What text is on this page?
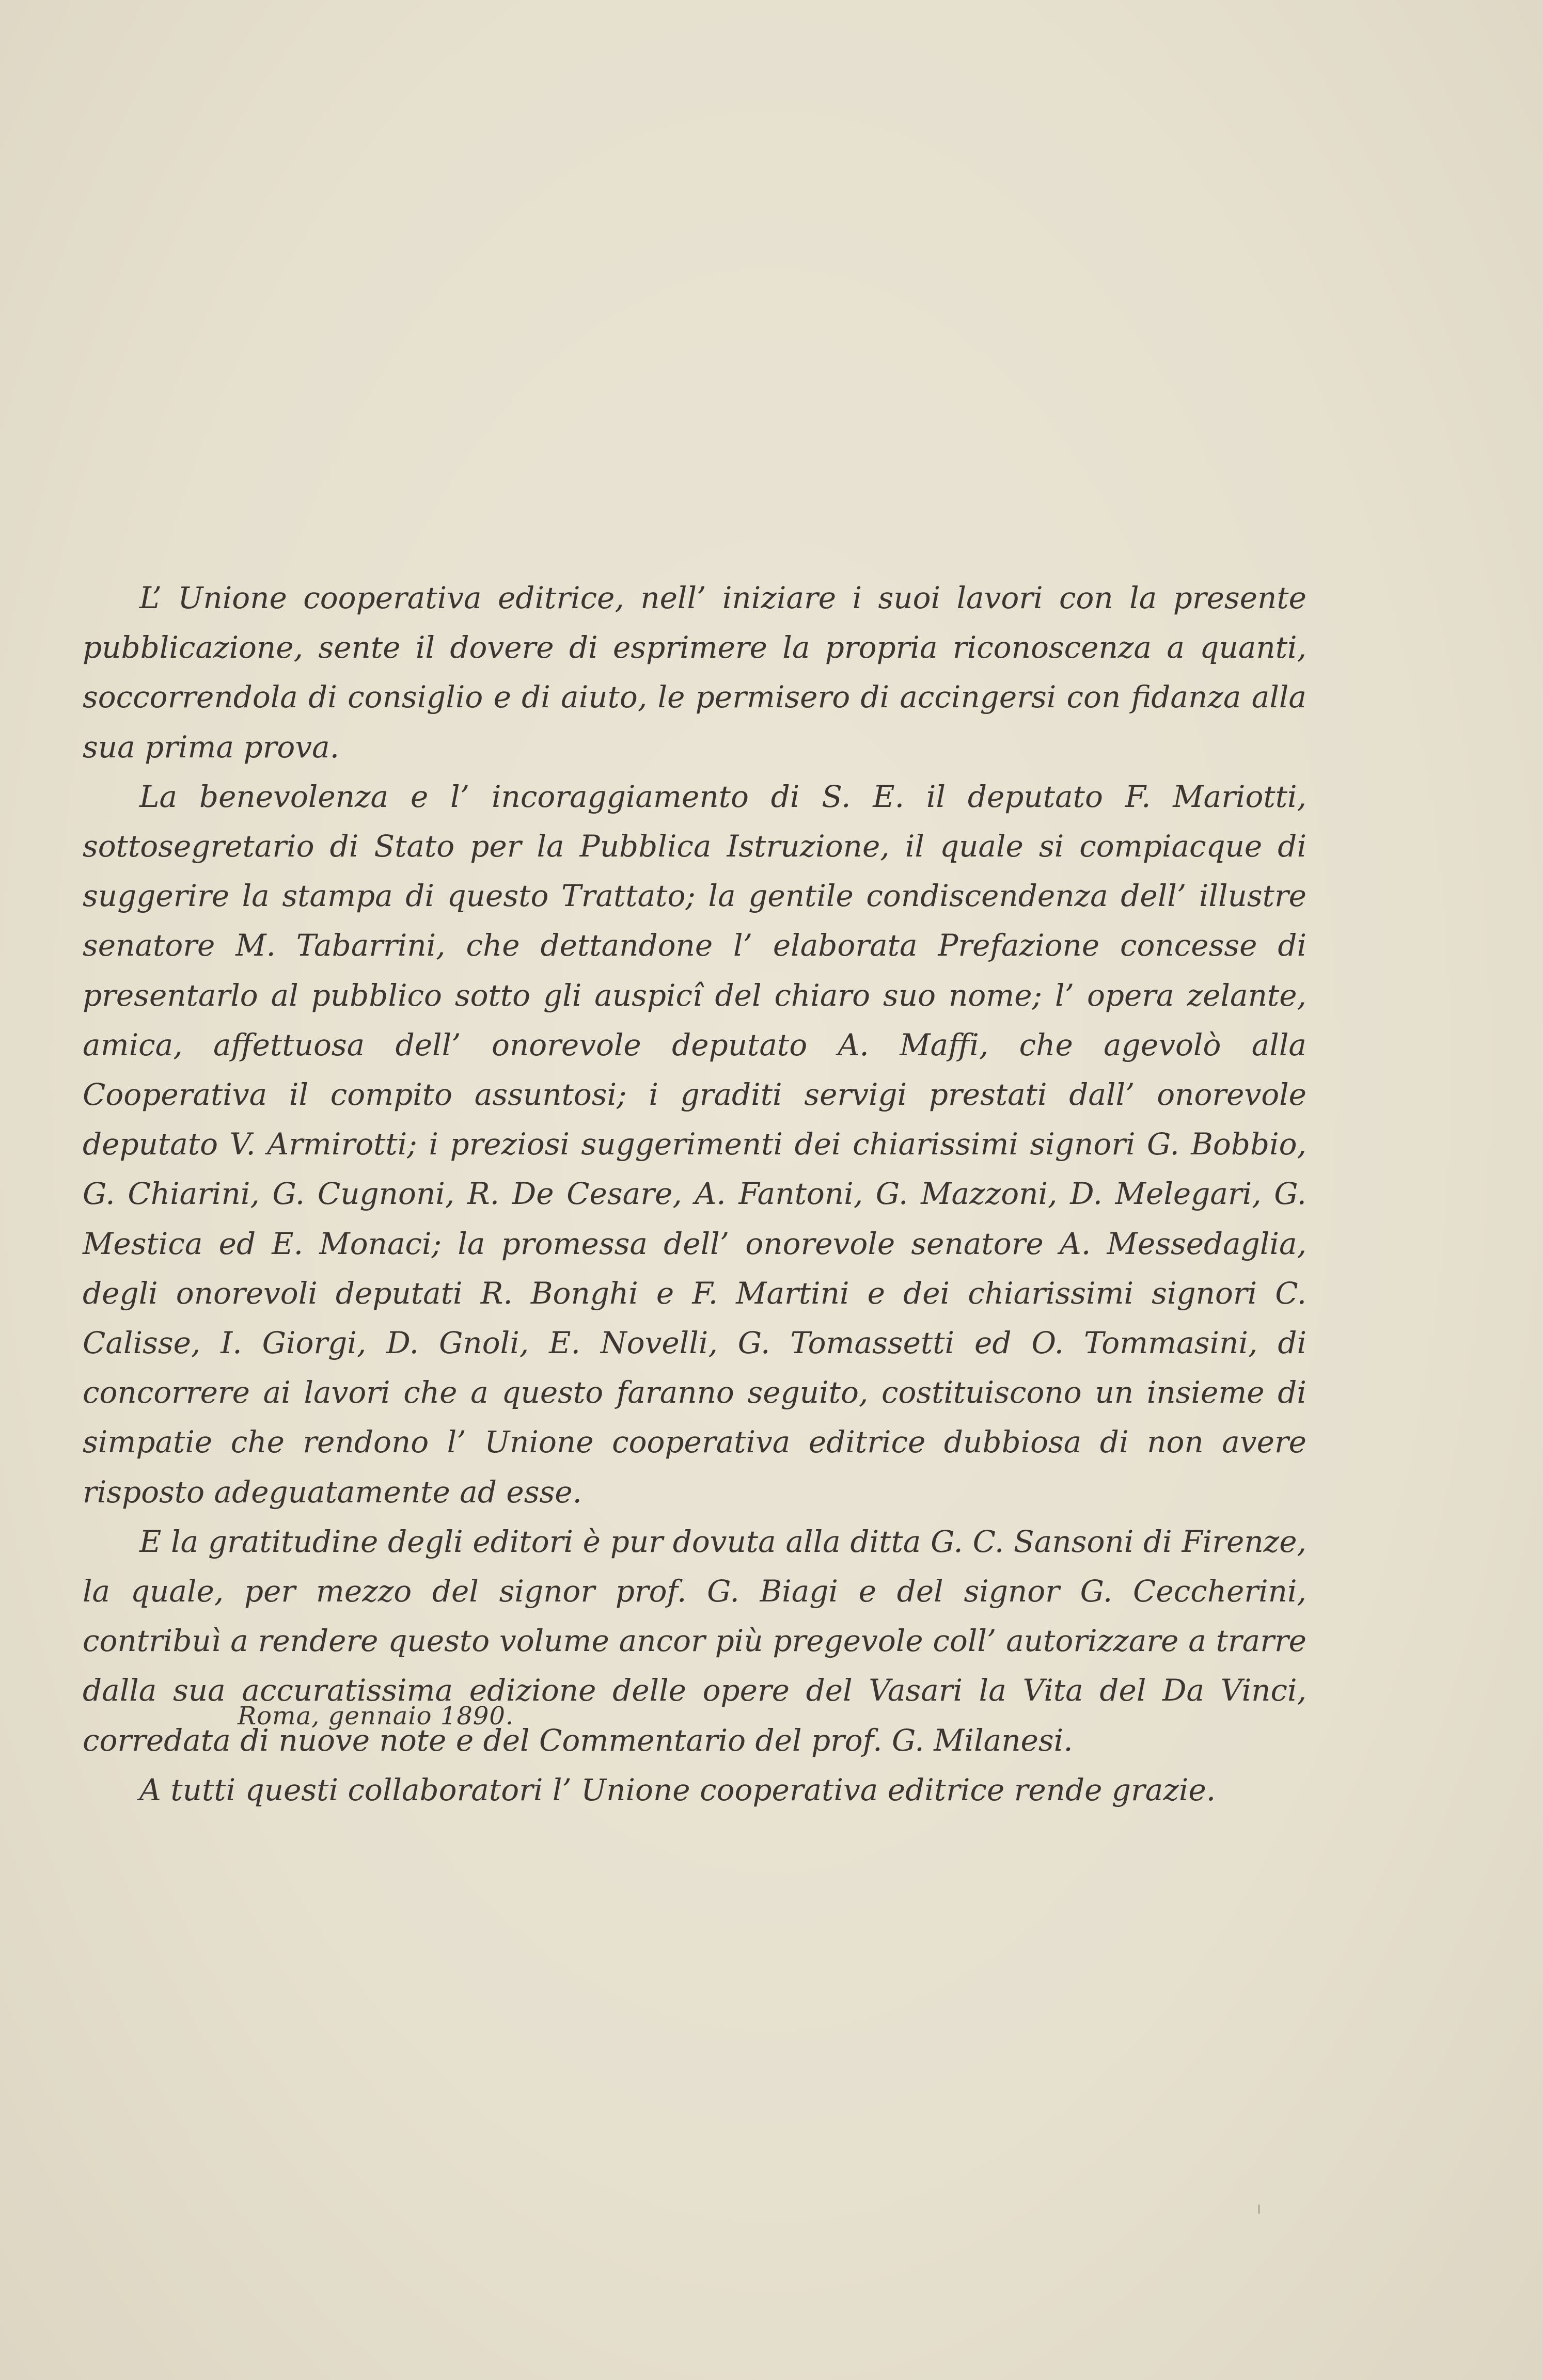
L’ Unione cooperativa editrice, nell’ iniziare i suoi lavori con la presente pubblicazione, sente il dovere di esprimere la propria riconoscenza a quanti, soccorrendola di consiglio e di aiuto, le permisero di accingersi con fidanza alla sua prima prova.

La benevolenza e l’ incoraggiamento di S. E. il deputato F. Mariotti, sottosegretario di Stato per la Pubblica Istruzione, il quale si compiacque di suggerire la stampa di questo Trattato; la gentile condiscendenza dell’ illustre senatore M. Tabarrini, che dettandone l’ elaborata Prefazione concesse di presentarlo al pubblico sotto gli auspicî del chiaro suo nome; l’ opera zelante, amica, affettuosa dell’ onorevole deputato A. Maffi, che agevolò alla Cooperativa il compito assuntosi; i graditi servigi prestati dall’ onorevole deputato V. Armirotti; i preziosi suggerimenti dei chiarissimi signori G. Bobbio, G. Chiarini, G. Cugnoni, R. De Cesare, A. Fantoni, G. Mazzoni, D. Melegari, G. Mestica ed E. Monaci; la promessa dell’ onorevole senatore A. Messedaglia, degli onorevoli deputati R. Bonghi e F. Martini e dei chiarissimi signori C. Calisse, I. Giorgi, D. Gnoli, E. Novelli, G. Tomassetti ed O. Tommasini, di concorrere ai lavori che a questo faranno seguito, costituiscono un insieme di simpatie che rendono l’ Unione cooperativa editrice dubbiosa di non avere risposto adeguatamente ad esse.

E la gratitudine degli editori è pur dovuta alla ditta G. C. Sansoni di Firenze, la quale, per mezzo del signor prof. G. Biagi e del signor G. Ceccherini, contribuì a rendere questo volume ancor più pregevole coll’ autorizzare a trarre dalla sua accuratissima edizione delle opere del Vasari la Vita del Da Vinci, corredata di nuove note e del Commentario del prof. G. Milanesi.

A tutti questi collaboratori l’ Unione cooperativa editrice rende grazie.

Roma, gennaio 1890.
